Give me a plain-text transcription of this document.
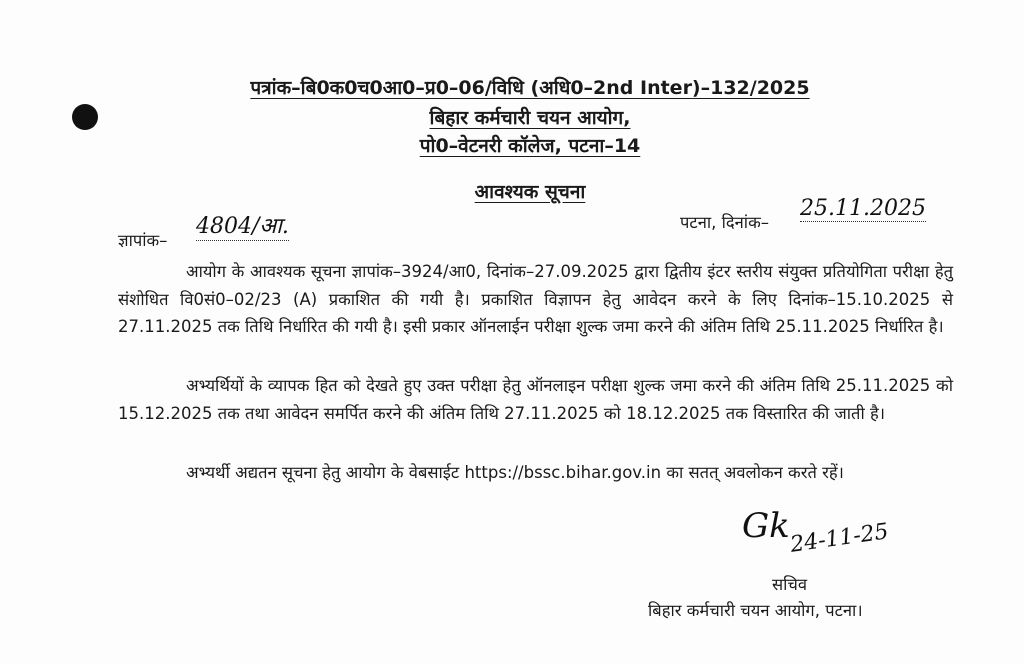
पत्रांक–बि0क0च0आ0–प्र0–06/विधि (अधि0–2nd Inter)–132/2025
बिहार कर्मचारी चयन आयोग,
पो0–वेटनरी कॉलेज, पटना–14
आवश्यक सूचना
ज्ञापांक–
4804/आ.	पटना, दिनांक–
25.11.2025
आयोग के आवश्यक सूचना ज्ञापांक–3924/आ0, दिनांक–27.09.2025 द्वारा द्वितीय इंटर स्तरीय संयुक्त प्रतियोगिता परीक्षा हेतु संशोधित वि0सं0–02/23 (A) प्रकाशित की गयी है। प्रकाशित विज्ञापन हेतु आवेदन करने के लिए दिनांक–15.10.2025 से 27.11.2025 तक तिथि निर्धारित की गयी है। इसी प्रकार ऑनलाईन परीक्षा शुल्क जमा करने की अंतिम तिथि 25.11.2025 निर्धारित है।
अभ्यर्थियों के व्यापक हित को देखते हुए उक्त परीक्षा हेतु ऑनलाइन परीक्षा शुल्क जमा करने की अंतिम तिथि 25.11.2025 को 15.12.2025 तक तथा आवेदन समर्पित करने की अंतिम तिथि 27.11.2025 को 18.12.2025 तक विस्तारित की जाती है।
अभ्यर्थी अद्यतन सूचना हेतु आयोग के वेबसाईट https://bssc.bihar.gov.in का सतत् अवलोकन करते रहें।
Gk
24-11-25
सचिव
बिहार कर्मचारी चयन आयोग, पटना।
